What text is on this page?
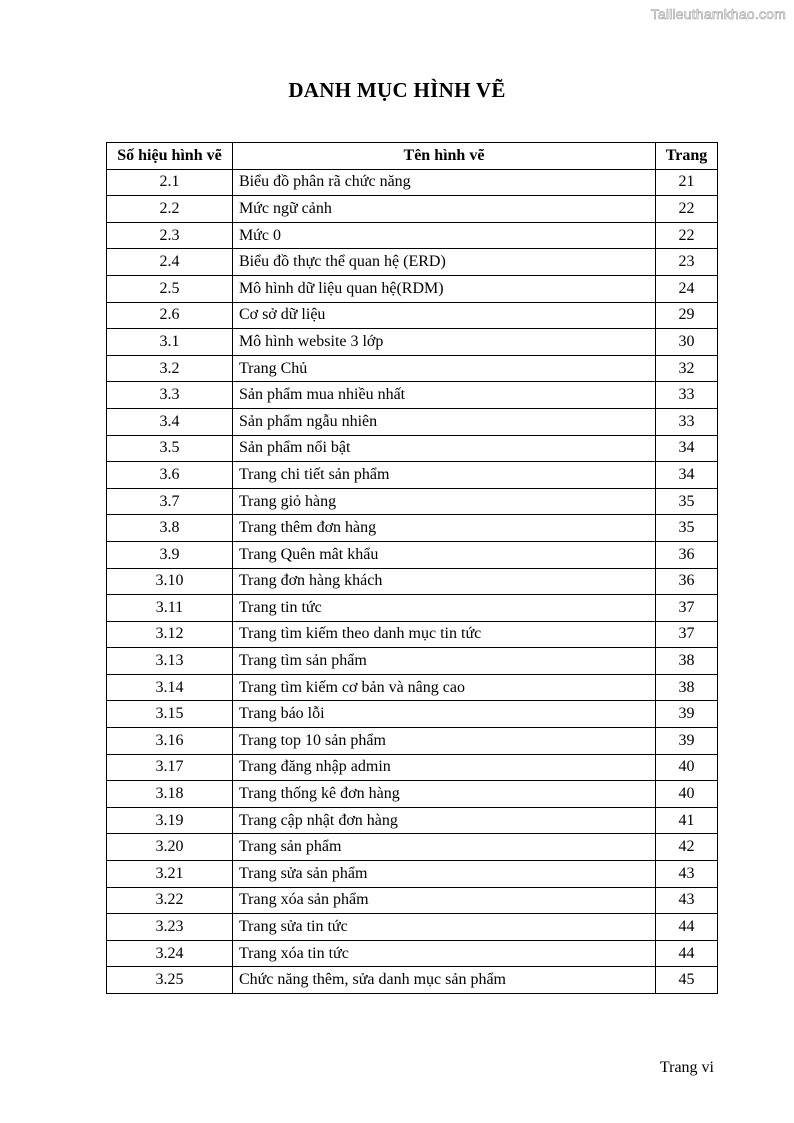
Tailieuthamkhao.com
DANH MỤC HÌNH VẼ
Số hiệu hình vẽ	Tên hình vẽ	Trang
2.1	Biểu đồ phân rã chức năng	21
2.2	Mức ngữ cảnh	22
2.3	Mức 0	22
2.4	Biểu đồ thực thể quan hệ (ERD)	23
2.5	Mô hình dữ liệu quan hệ(RDM)	24
2.6	Cơ sở dữ liệu	29
3.1	Mô hình website 3 lớp	30
3.2	Trang Chủ	32
3.3	Sản phẩm mua nhiều nhất	33
3.4	Sản phẩm ngẫu nhiên	33
3.5	Sản phẩm nổi bật	34
3.6	Trang chi tiết sản phẩm	34
3.7	Trang giỏ hàng	35
3.8	Trang thêm đơn hàng	35
3.9	Trang Quên mât khẩu	36
3.10	Trang đơn hàng khách	36
3.11	Trang tin tức	37
3.12	Trang tìm kiếm theo danh mục tin tức	37
3.13	Trang tìm sản phẩm	38
3.14	Trang tìm kiếm cơ bản và nâng cao	38
3.15	Trang báo lỗi	39
3.16	Trang top 10 sản phẩm	39
3.17	Trang đăng nhập admin	40
3.18	Trang thống kê đơn hàng	40
3.19	Trang cập nhật đơn hàng	41
3.20	Trang sản phẩm	42
3.21	Trang sửa sản phẩm	43
3.22	Trang xóa sản phẩm	43
3.23	Trang sửa tin tức	44
3.24	Trang xóa tin tức	44
3.25	Chức năng thêm, sửa danh mục sản phẩm	45
Trang vi
